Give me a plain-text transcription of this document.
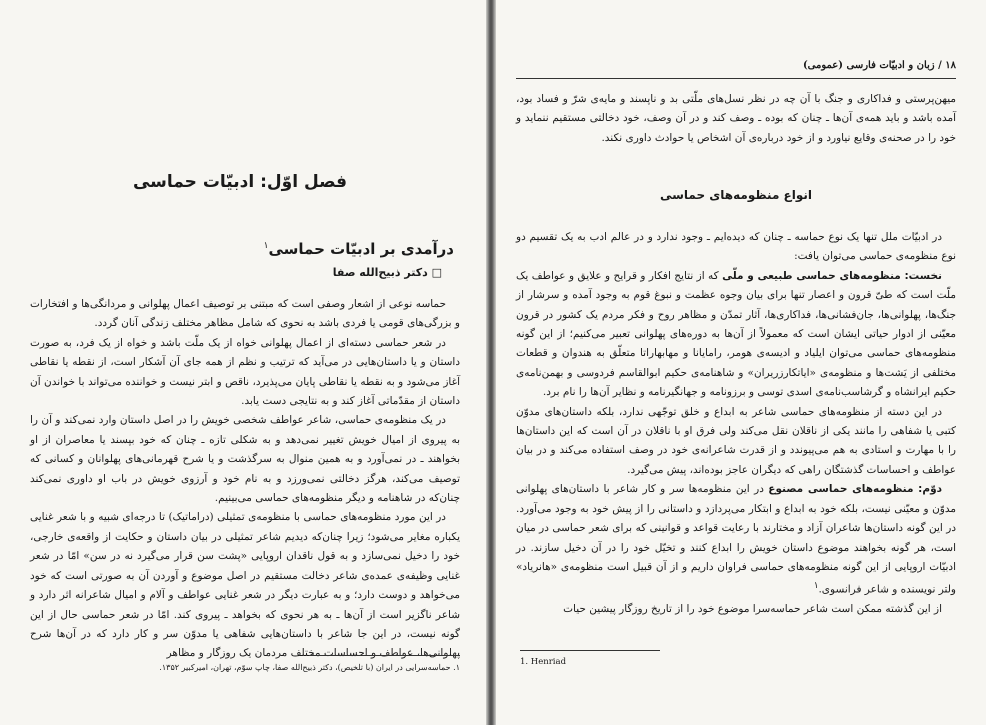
فصل اوّل: ادبیّات حماسی
درآمدی بر ادبیّات حماسی$^۱$
□ دکتر ذبیح‌الله صفا

حماسه نوعی از اشعار وصفی است که مبتنی بر توصیف اعمال پهلوانی و مردانگی‌ها و افتخارات و بزرگی‌های قومی یا فردی باشد به نحوی که شامل مظاهر مختلف زندگی آنان گردد.

در شعر حماسی دسته‌ای از اعمال پهلوانی خواه از یک ملّت باشد و خواه از یک فرد، به صورت داستان و یا داستان‌هایی در می‌آید که ترتیب و نظم از همه جای آن آشکار است، از نقطه یا نقاطی آغاز می‌شود و به نقطه یا نقاطی پایان می‌پذیرد، ناقص و ابتر نیست و خواننده می‌تواند با خواندن آن داستان از مقدّماتی آغاز کند و به نتایجی دست یابد.

در یک منظومه‌ی حماسی، شاعر عواطف شخصی خویش را در اصل داستان وارد نمی‌کند و آن را به پیروی از امیال خویش تغییر نمی‌دهد و به شکلی تازه ـ چنان که خود بپسند یا معاصران از او بخواهند ـ در نمی‌آورد و به همین منوال به سرگذشت و یا شرح قهرمانی‌های پهلوانان و کسانی که توصیف می‌کند، هرگز دخالتی نمی‌ورزد و به نام خود و آرزوی خویش در باب او داوری نمی‌کند چنان‌که در شاهنامه و دیگر منظومه‌های حماسی می‌بینیم.

در این مورد منظومه‌های حماسی با منظومه‌ی تمثیلی (دراماتیک) تا درجه‌ای شبیه و با شعر غنایی یکباره مغایر می‌شود؛ زیرا چنان‌که دیدیم شاعر تمثیلی در بیان داستان و حکایت از واقعه‌ی خارجی، خود را دخیل نمی‌سازد و به قول ناقدان اروپایی «پشت سن قرار می‌گیرد نه در سن» امّا در شعر غنایی وظیفه‌ی عمده‌ی شاعر دخالت مستقیم در اصل موضوع و آوردن آن به صورتی است که خود می‌خواهد و دوست دارد؛ و به عبارت دیگر در شعر غنایی عواطف و آلام و امیال شاعرانه اثر دارد و شاعر ناگزیر است از آن‌ها ـ به هر نحوی که بخواهد ـ پیروی کند. امّا در شعر حماسی حال از این گونه نیست، در این جا شاعر با داستان‌هایی شفاهی یا مدوّن سر و کار دارد که در آن‌ها شرح پهلوانی‌ها، عواطف و احساسات مختلف مردمان یک روزگار و مظاهر

۱. حماسه‌سرایی در ایران (با تلخیص)، دکتر ذبیح‌الله صفا، چاپ سوّم، تهران، امیرکبیر ۱۳۵۲.
۱۸ / زبان و ادبیّات فارسی (عمومی)

میهن‌پرستی و فداکاری و جنگ با آن چه در نظر نسل‌های ملّتی بد و ناپسند و مایه‌ی شرّ و فساد بود، آمده باشد و باید همه‌ی آن‌ها ـ چنان که بوده ـ وصف کند و در آن وصف، خود دخالتی مستقیم ننماید و خود را در صحنه‌ی وقایع نیاورد و از خود درباره‌ی آن اشخاص یا حوادث داوری نکند.

انواع منظومه‌های حماسی

در ادبیّات ملل تنها یک نوع حماسه ـ چنان که دیده‌ایم ـ وجود ندارد و در عالم ادب به یک تقسیم دو نوع منظومه‌ی حماسی می‌توان یافت:

نخست: منظومه‌های حماسی طبیعی و ملّی که از نتایج افکار و قرایح و علایق و عواطف یک ملّت است که طیّ قرون و اعصار تنها برای بیان وجوه عظمت و نبوغ قوم به وجود آمده و سرشار از جنگ‌ها، پهلوانی‌ها، جان‌فشانی‌ها، فداکاری‌ها، آثار تمدّن و مظاهر روح و فکر مردم یک کشور در قرون معیّنی از ادوار حیاتی ایشان است که معمولاً از آن‌ها به دوره‌های پهلوانی تعبیر می‌کنیم؛ از این گونه منظومه‌های حماسی می‌توان ایلیاد و ادیسه‌ی هومر، رامایانا و مهابهاراتا متعلّق به هندوان و قطعات مختلفی از یَشت‌ها و منظومه‌ی «ایاتکارزریران» و شاهنامه‌ی حکیم ابوالقاسم فردوسی و بهمن‌نامه‌ی حکیم ایرانشاه و گرشاسب‌نامه‌ی اسدی توسی و برزونامه و جهانگیرنامه و نظایر آن‌ها را نام برد.

در این دسته از منظومه‌های حماسی شاعر به ابداع و خلق توجّهی ندارد، بلکه داستان‌های مدوّن کتبی یا شفاهی را مانند یکی از ناقلان نقل می‌کند ولی فرق او با ناقلان در آن است که این داستان‌ها را با مهارت و استادی به هم می‌پیوندد و از قدرت شاعرانه‌ی خود در وصف استفاده می‌کند و در بیان عواطف و احساسات گذشتگان راهی که دیگران عاجز بوده‌اند، پیش می‌گیرد.

دوّم: منظومه‌های حماسی مصنوع در این منظومه‌ها سر و کار شاعر با داستان‌های پهلوانی مدوّن و معیّنی نیست، بلکه خود به ابداع و ابتکار می‌پردازد و داستانی را از پیش خود به وجود می‌آورد. در این گونه داستان‌ها شاعران آزاد و مختارند با رعایت قواعد و قوانینی که برای شعر حماسی در میان است، هر گونه بخواهند موضوع داستان خویش را ابداع کنند و تخیّل خود را در آن دخیل سازند. در ادبیّات اروپایی از این گونه منظومه‌های حماسی فراوان داریم و از آن قبیل است منظومه‌ی «هانریاد» ولتر نویسنده و شاعر فرانسوی.$^۱$

از این گذشته ممکن است شاعر حماسه‌سرا موضوع خود را از تاریخ روزگار پیشین حیات

1. Henriad
